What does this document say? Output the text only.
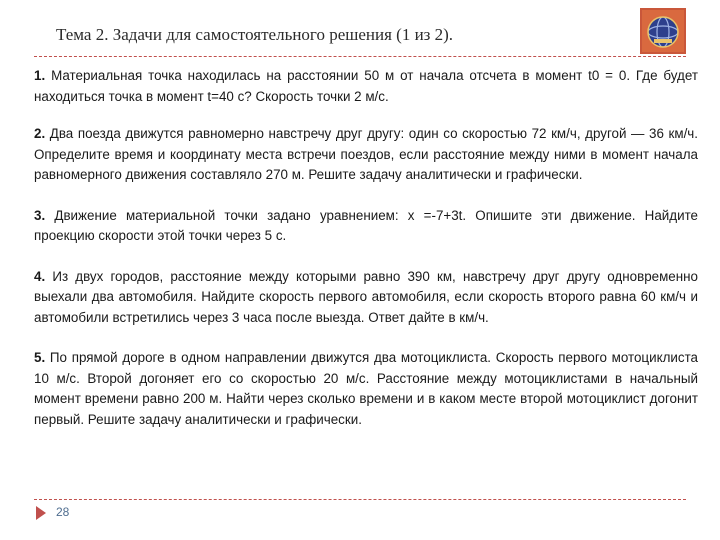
Тема 2. Задачи для самостоятельного решения (1 из 2).

1. Материальная точка находилась на расстоянии 50 м от начала отсчета в момент t0 = 0. Где будет находиться точка в момент t=40 с? Скорость точки 2 м/с.

2. Два поезда движутся равномерно навстречу друг другу: один со скоростью 72 км/ч, другой — 36 км/ч. Определите время и координату места встречи поездов, если расстояние между ними в момент начала равномерного движения составляло 270 м. Решите задачу аналитически и графически.

3. Движение материальной точки задано уравнением: x =-7+3t. Опишите эти движение. Найдите проекцию скорости этой точки через 5 с.

4. Из двух городов, расстояние между которыми равно 390 км, навстречу друг другу одновременно выехали два автомобиля. Найдите скорость первого автомобиля, если скорость второго равна 60 км/ч и автомобили встретились через 3 часа после выезда. Ответ дайте в км/ч.

5. По прямой дороге в одном направлении движутся два мотоциклиста. Скорость первого мотоциклиста 10 м/с. Второй догоняет его со скоростью 20 м/с. Расстояние между мотоциклистами в начальный момент времени равно 200 м. Найти через сколько времени и в каком месте второй мотоциклист догонит первый. Решите задачу аналитически и графически.

28
